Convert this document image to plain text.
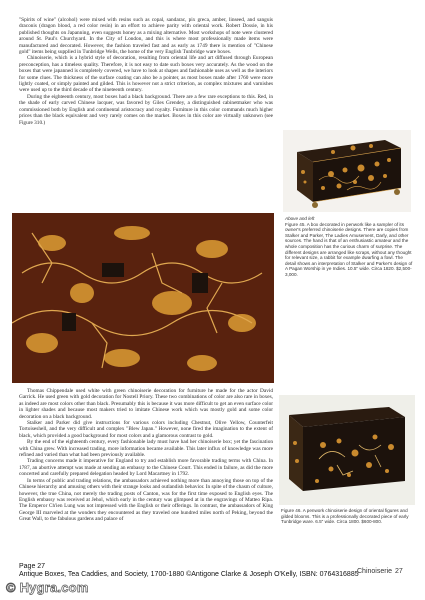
"Spirits of wine" (alcohol) were mixed with resins such as copal, sandarac, pix greca, amber, linseed, and sanguis draconis (dragon blood, a red color resin) in an effort to achieve parity with oriental work. Robert Dossie, in his published thoughts on Japanning, even suggests honey as a mixing alternative. Most workshops of note were clustered around St. Paul's Churchyard. In the City of London, and this is where most professionally made items were manufactured and decorated. However, the fashion traveled fast and as early as 1749 there is mention of "Chinese gold" items being supplied in Tunbridge Wells, the home of the very English Tunbridge ware boxes.

Chinoiserie, which is a hybrid style of decoration, resulting from oriental life and art diffused through European preconception, has a timeless quality. Therefore, it is not easy to date such boxes very accurately. As the wood on the boxes that were japanned is completely covered, we have to look at shapes and fashionable uses as well as the interiors for some clues. The thickness of the surface coating can also be a pointer, as most boxes made after 1760 were more lightly coated, or simply painted and gilded. This is however not a strict criterion, as complex mixtures and varnishes were used up to the third decade of the nineteenth century.

During the eighteenth century, most boxes had a black background. There are a few rare exceptions to this. Red, in the shade of early carved Chinese lacquer, was favored by Giles Grendey, a distinguished cabinetmaker who was commissioned both by English and continental aristocracy and royalty. Furniture in this color commands much higher prices than the black equivalent and very rarely comes on the market. Boxes in this color are virtually unknown (see Figure 310.)

Above and left
Figure 45. A box decorated in penwork like a sampler of its owner's preferred chinoiserie designs. There are copies from Stalker and Parker, The Ladies Amusement, Darly, and other sources. The hand is that of an enthusiastic amateur and the whole composition has the curious charm of surprise. The different designs are arranged like scraps, without any thought for relevant size, a rabbit for example dwarfing a fowl. The detail shows an interpretation of Stalker and Parker's design of A Pagan Worship in ye Indies. 10.5" wide. Circa 1820. $2,500-3,000.

Thomas Chippendale used white with green chinoiserie decoration for furniture he made for the actor David Garrick. He used green with gold decoration for Nostell Priory. These two combinations of color are also rare in boxes, as indeed are most colors other than black. Presumably this is because it was more difficult to get an even surface color in lighter shades and because most makers tried to imitate Chinese work which was mostly gold and some color decoration on a black background.

Stalker and Parker did give instructions for various colors including Chestnut, Olive Yellow, Counterfeit Tortoiseshell, and the very difficult and complex "Blew Japan." However, none fired the imagination to the extent of black, which provided a good background for most colors and a glamorous contrast to gold.

By the end of the eighteenth century, every fashionable lady must have had her chinoiserie box; yet the fascination with China grew. With increased trading, more information became available. This later influx of knowledge was more refined and varied than what had been previously available.

Trading concerns made it imperative for England to try and establish more favorable trading terms with China. In 1787, an abortive attempt was made at sending an embassy to the Chinese Court. This ended in failure, as did the more concerted and carefully prepared delegation headed by Lord Macartney in 1792.

In terms of public and trading relations, the ambassadors achieved nothing more than annoying those on top of the Chinese hierarchy and amusing others with their strange looks and outlandish behavior. In spite of the chasm of culture, however, the true China, not merely the trading posts of Canton, was for the first time exposed to English eyes. The English embassy was received at Jehol, which early in the century was glimpsed at in the engravings of Matteo Ripa. The Emperor Ch'ien Lung was not impressed with the English or their offerings. In contrast, the ambassadors of King George III marveled at the wonders they encountered as they traveled one hundred miles north of Peking, beyond the Great Wall, to the fabulous gardens and palace of

Figure 46. A penwork chinoiserie design of oriental figures and gilded blooms. This is a professionally decorated piece of early Tunbridge ware. 6.5" wide. Circa 1800. $600-800.
Page 27
Antique Boxes, Tea Caddies, and Society, 1700-1880 ©Antigone Clarke & Joseph O'Kelly, ISBN: 0764316885
Chinoiserie 27
© Hygra.com
